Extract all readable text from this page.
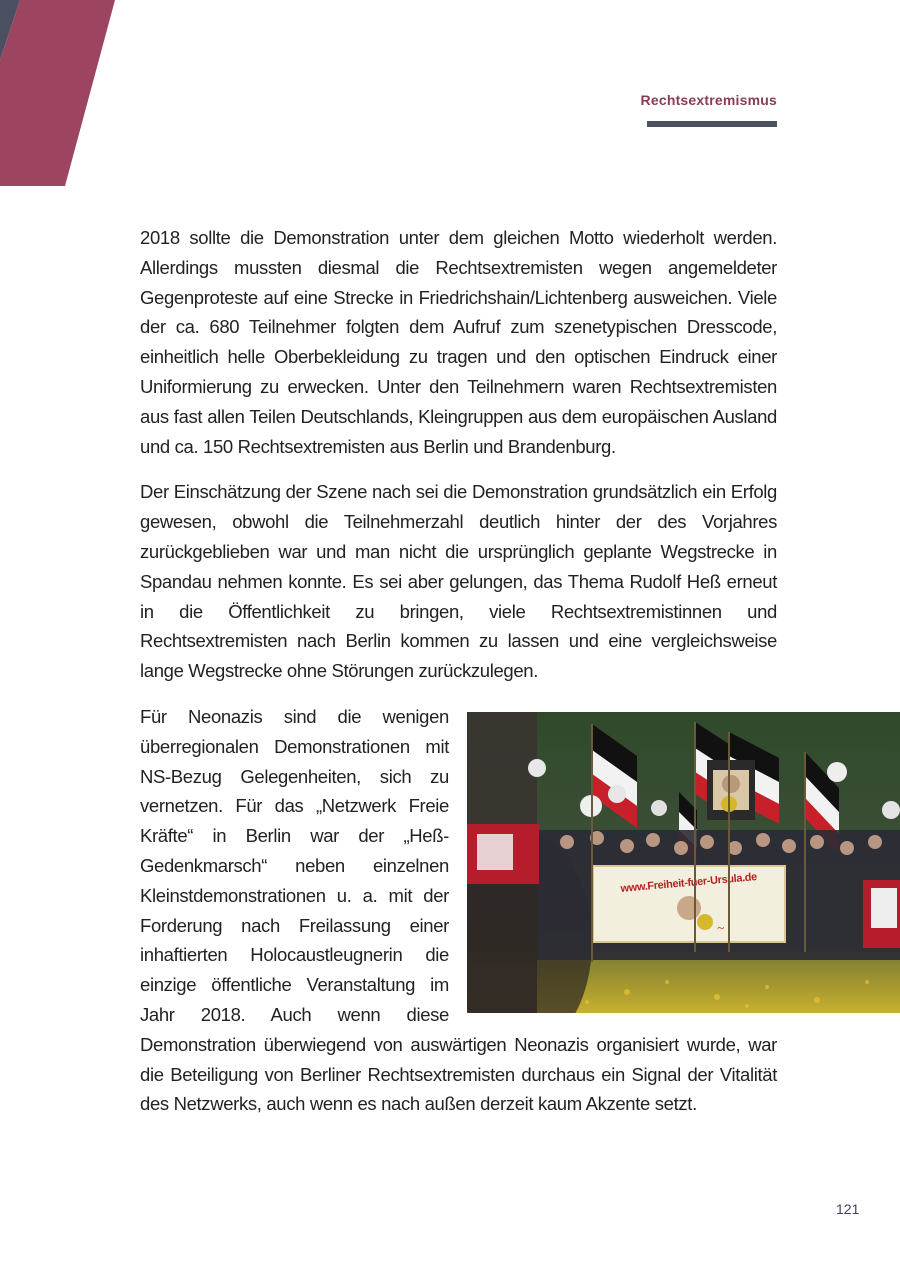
Rechtsextremismus

2018 sollte die Demonstration unter dem gleichen Motto wiederholt werden. Allerdings mussten diesmal die Rechtsextremisten wegen angemeldeter Gegenproteste auf eine Strecke in Friedrichshain/Lichtenberg ausweichen. Viele der ca. 680 Teilnehmer folgten dem Aufruf zum szenetypischen Dresscode, einheitlich helle Oberbekleidung zu tragen und den optischen Eindruck einer Uniformierung zu erwecken. Unter den Teilnehmern waren Rechtsextremisten aus fast allen Teilen Deutschlands, Kleingruppen aus dem europäischen Ausland und ca. 150 Rechtsextremisten aus Berlin und Brandenburg.

Der Einschätzung der Szene nach sei die Demonstration grundsätzlich ein Erfolg gewesen, obwohl die Teilnehmerzahl deutlich hinter der des Vorjahres zurückgeblieben war und man nicht die ursprünglich geplante Wegstrecke in Spandau nehmen konnte. Es sei aber gelungen, das Thema Rudolf Heß erneut in die Öffentlichkeit zu bringen, viele Rechtsextremistinnen und Rechtsextremisten nach Berlin kommen zu lassen und eine vergleichsweise lange Wegstrecke ohne Störungen zurückzulegen.

www.Freiheit-fuer-Ursula.de
~

Für Neonazis sind die wenigen überregionalen Demonstrationen mit NS-Bezug Gelegenheiten, sich zu vernetzen. Für das „Netzwerk Freie Kräfte“ in Berlin war der „Heß-Gedenkmarsch“ neben einzelnen Kleinstdemonstrationen u. a. mit der Forderung nach Freilassung einer inhaftierten Holocaustleugnerin die einzige öffentliche Veranstaltung im Jahr 2018. Auch wenn diese Demonstration überwiegend von auswärtigen Neonazis organisiert wurde, war die Beteiligung von Berliner Rechtsextremisten durchaus ein Signal der Vitalität des Netzwerks, auch wenn es nach außen derzeit kaum Akzente setzt.

121
